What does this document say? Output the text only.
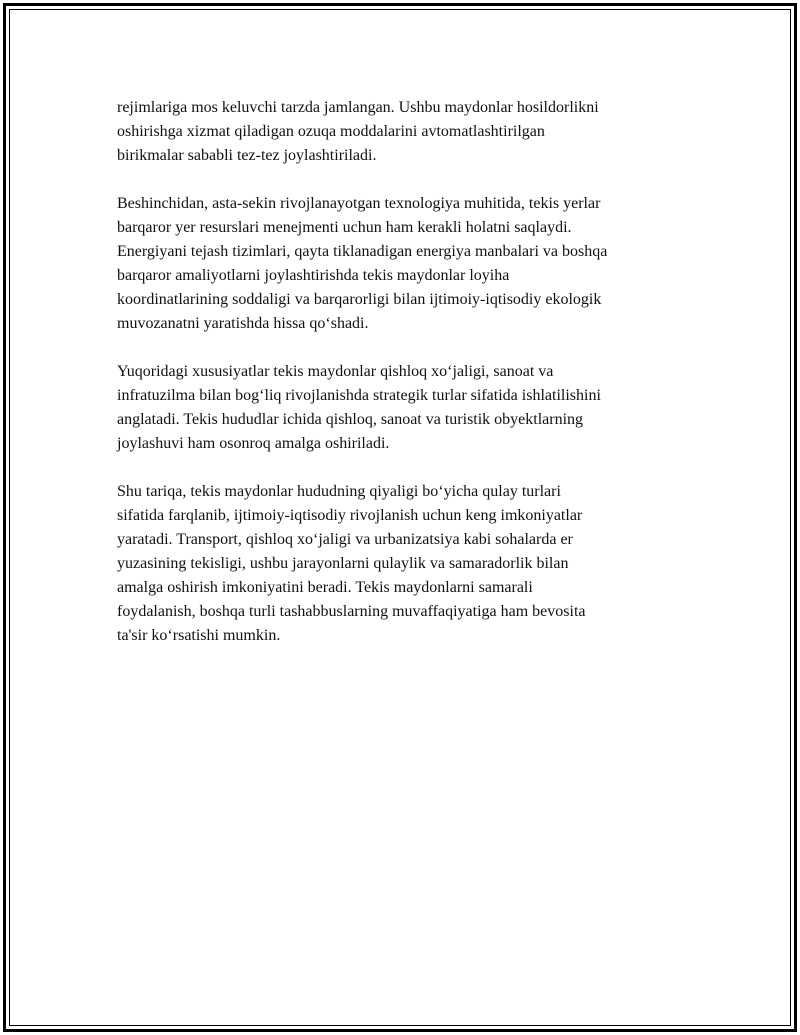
rejimlariga mos keluvchi tarzda jamlangan. Ushbu maydonlar hosildorlikni
oshirishga xizmat qiladigan ozuqa moddalarini avtomatlashtirilgan
birikmalar sababli tez-tez joylashtiriladi.

Beshinchidan, asta-sekin rivojlanayotgan texnologiya muhitida, tekis yerlar
barqaror yer resurslari menejmenti uchun ham kerakli holatni saqlaydi.
Energiyani tejash tizimlari, qayta tiklanadigan energiya manbalari va boshqa
barqaror amaliyotlarni joylashtirishda tekis maydonlar loyiha
koordinatlarining soddaligi va barqarorligi bilan ijtimoiy-iqtisodiy ekologik
muvozanatni yaratishda hissa qo‘shadi.

Yuqoridagi xususiyatlar tekis maydonlar qishloq xo‘jaligi, sanoat va
infratuzilma bilan bog‘liq rivojlanishda strategik turlar sifatida ishlatilishini
anglatadi. Tekis hududlar ichida qishloq, sanoat va turistik obyektlarning
joylashuvi ham osonroq amalga oshiriladi.

Shu tariqa, tekis maydonlar hududning qiyaligi bo‘yicha qulay turlari
sifatida farqlanib, ijtimoiy-iqtisodiy rivojlanish uchun keng imkoniyatlar
yaratadi. Transport, qishloq xo‘jaligi va urbanizatsiya kabi sohalarda er
yuzasining tekisligi, ushbu jarayonlarni qulaylik va samaradorlik bilan
amalga oshirish imkoniyatini beradi. Tekis maydonlarni samarali
foydalanish, boshqa turli tashabbuslarning muvaffaqiyatiga ham bevosita
ta'sir ko‘rsatishi mumkin.
